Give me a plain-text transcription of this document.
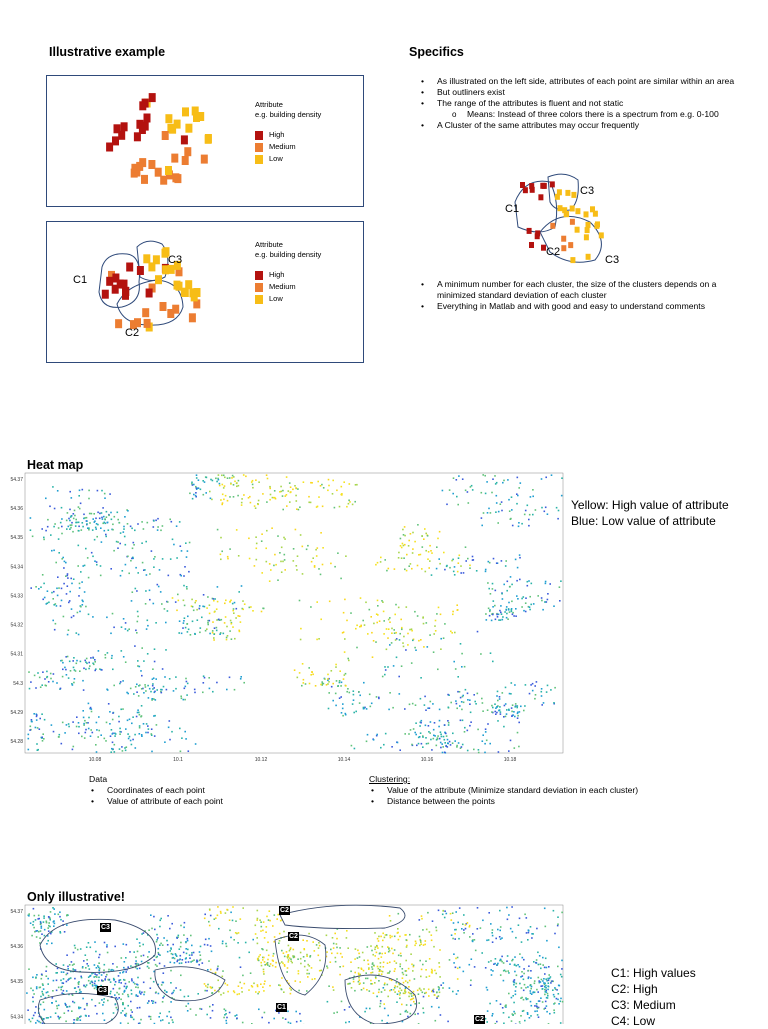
Illustrative example
Attribute
e.g. building density
High
Medium
Low
C1
C3
C2
Attribute
e.g. building density
High
Medium
Low
Specifics
• As illustrated on the left side, attributes of each point are similar within an area
• But outliners exist
• The range of the attributes is fluent and not static
o Means: Instead of three colors there is a spectrum from e.g. 0-100
• A Cluster of the same attributes may occur frequently
C1
C3
C2
C3
• A minimum number for each cluster, the size of the clusters depends on a minimized standard deviation of each cluster
• Everything in Matlab and with good and easy to understand comments
Heat map
54.37
54.36
54.35
54.34
54.33
54.32
54.31
54.3
54.29
54.28
10.08	10.1	10.12	10.14	10.16	10.18
Yellow: High value of attribute
Blue: Low value of attribute
Data
• Coordinates of each point
• Value of attribute of each point
Clustering:
• Value of the attribute (Minimize standard deviation in each cluster)
• Distance between the points
Only illustrative!
54.37
54.36
54.35
54.34
C2
C3
C2
C3
C1
C2
C1: High values
C2: High
C3: Medium
C4: Low
